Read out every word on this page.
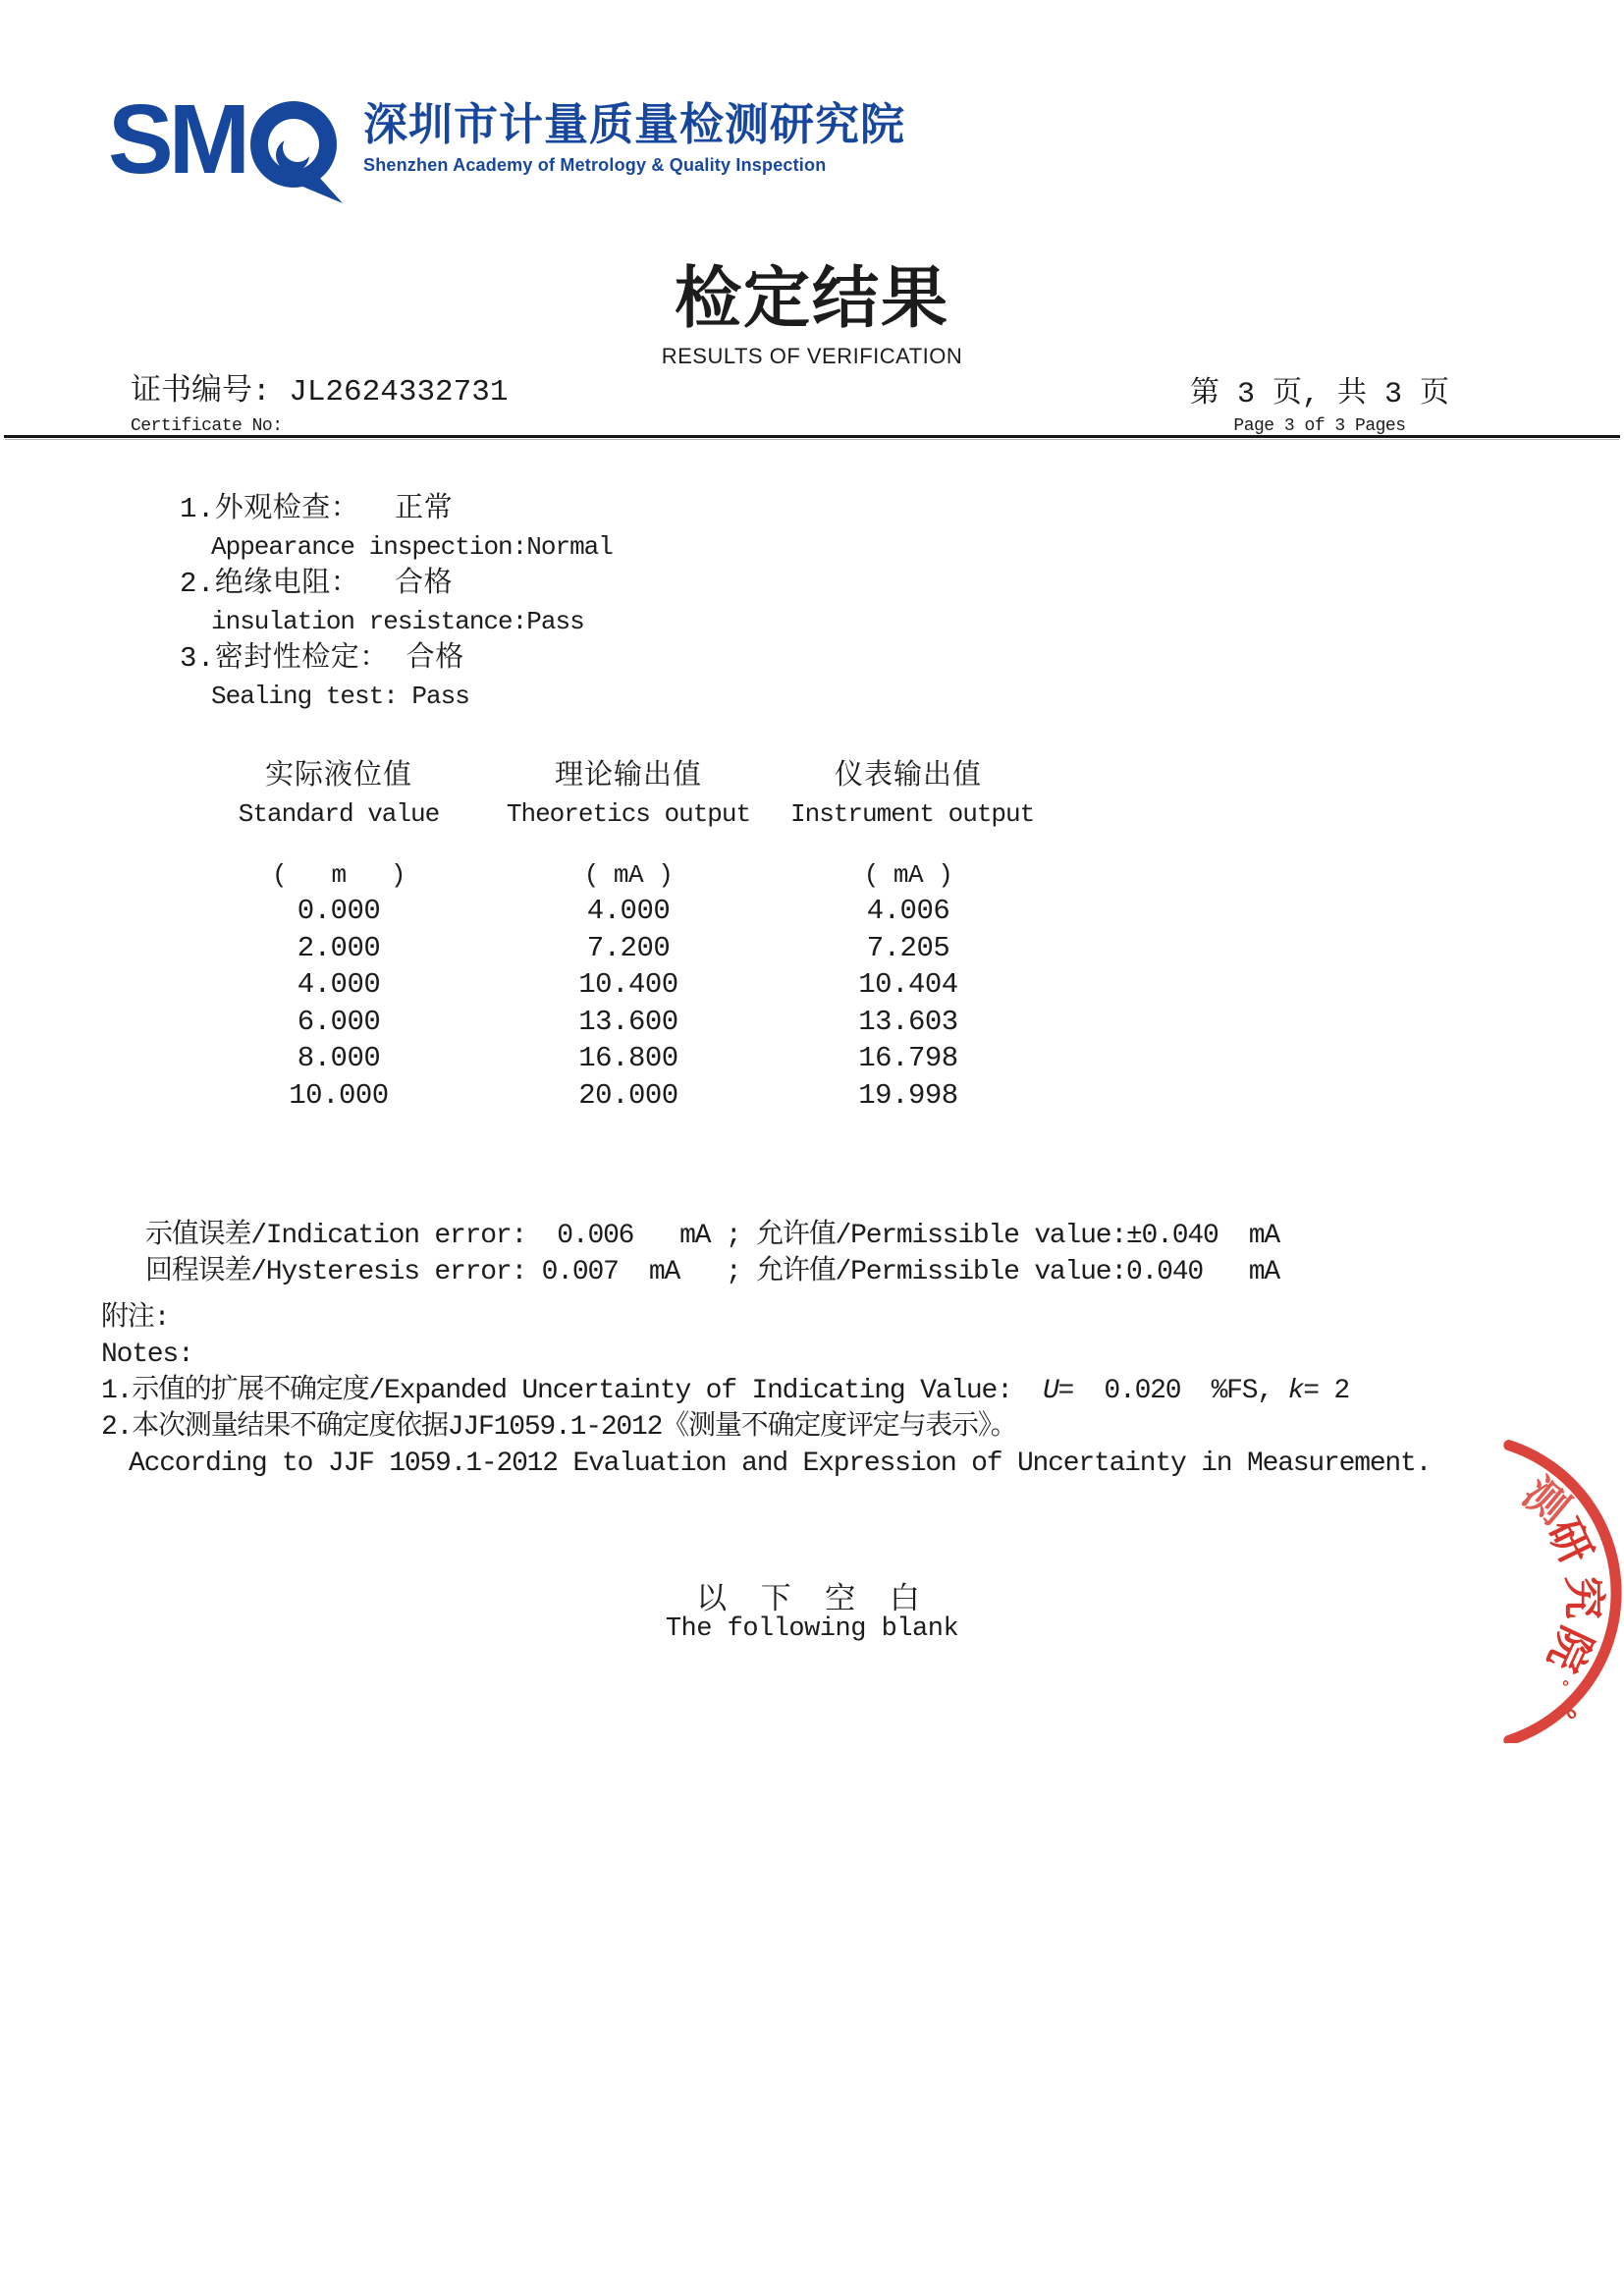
SM	深圳市计量质量检测研究院
Shenzhen Academy of Metrology & Quality Inspection
检定结果
RESULTS OF VERIFICATION
证书编号: JL2624332731
Certificate No:
第 3 页, 共 3 页
Page 3 of 3 Pages
1.外观检查：  正常
Appearance inspection:Normal
2.绝缘电阻：  合格
insulation resistance:Pass
3.密封性检定： 合格
Sealing test: Pass
实际液位值	理论输出值	仪表输出值
Standard value	Theoretics output	Instrument output
(   m   )	( mA )	( mA )
0.000	4.000	4.006
2.000	7.200	7.205
4.000	10.400	10.404
6.000	13.600	13.603
8.000	16.800	16.798
10.000	20.000	19.998
示值误差/Indication error:  0.006   mA ; 允许值/Permissible value:±0.040  mA
回程误差/Hysteresis error: 0.007  mA   ; 允许值/Permissible value:0.040   mA
附注:
Notes:
1.示值的扩展不确定度/Expanded Uncertainty of Indicating Value:  U=  0.020  %FS, k= 2
2.本次测量结果不确定度依据JJF1059.1-2012《测量不确定度评定与表示》。
According to JJF 1059.1-2012 Evaluation and Expression of Uncertainty in Measurement.
以 下 空 白
The following blank
测
研
究
院
。
o
